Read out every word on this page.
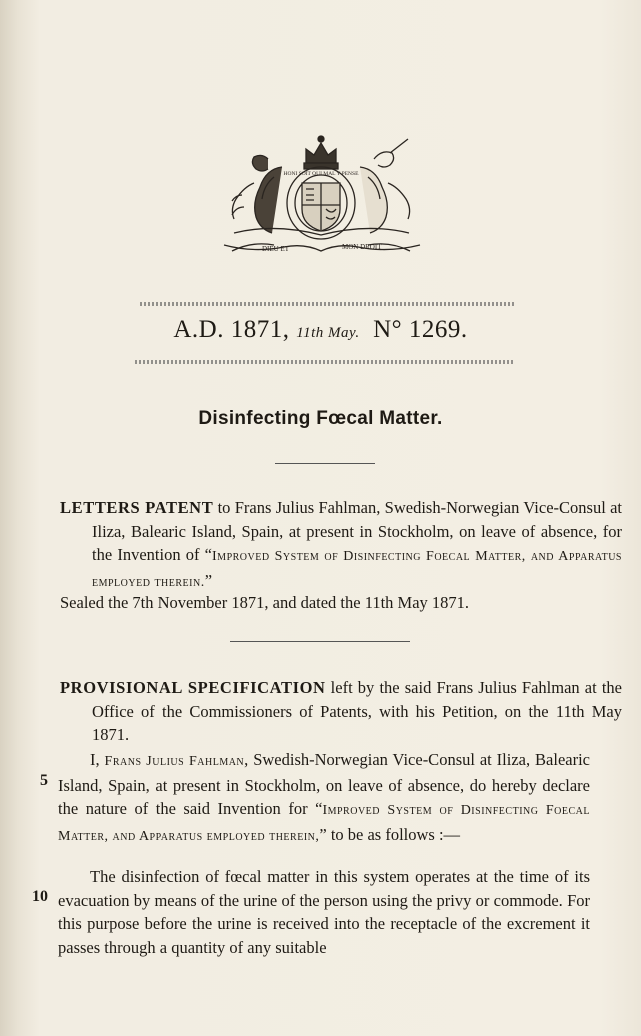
HONI SOIT QUI MAL Y PENSE
DIEU ET	MON DROIT
A.D. 1871, 11th May. N° 1269.
Disinfecting Fœcal Matter.
LETTERS PATENT to Frans Julius Fahlman, Swedish-Norwegian Vice-Consul at Iliza, Balearic Island, Spain, at present in Stockholm, on leave of absence, for the Invention of “Improved System of Disinfecting Foecal Matter, and Apparatus employed therein.”
Sealed the 7th November 1871, and dated the 11th May 1871.
PROVISIONAL SPECIFICATION left by the said Frans Julius Fahlman at the Office of the Commissioners of Patents, with his Petition, on the 11th May 1871.
I, Frans Julius Fahlman, Swedish-Norwegian Vice-Consul at Iliza, Balearic Island, Spain, at present in Stockholm, on leave of absence, do hereby declare the nature of the said Invention for “Improved System of Disinfecting Foecal Matter, and Apparatus employed therein,” to be as follows :—
The disinfection of fœcal matter in this system operates at the time of its evacuation by means of the urine of the person using the privy or commode. For this purpose before the urine is received into the receptacle of the excrement it passes through a quantity of any suitable
5
10
